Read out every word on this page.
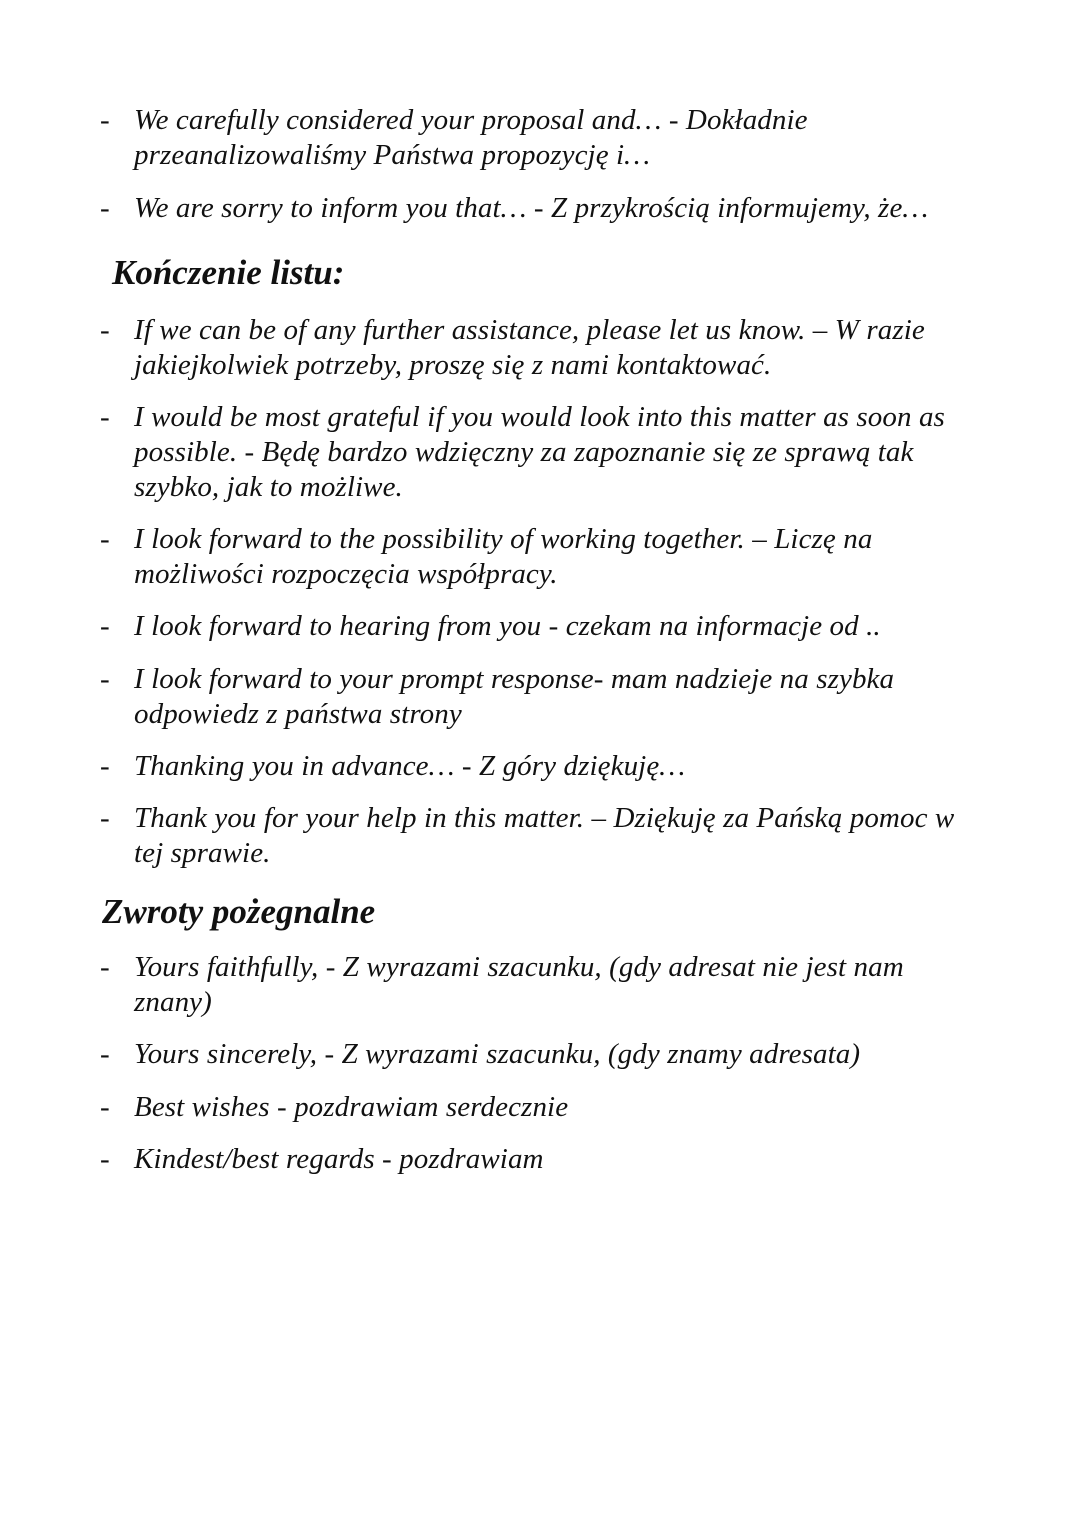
- We carefully considered your proposal and… - Dokładnie przeanalizowaliśmy Państwa propozycję i…
- We are sorry to inform you that… - Z przykrością informujemy, że…
Kończenie listu:
- If we can be of any further assistance, please let us know. – W razie jakiejkolwiek potrzeby, proszę się z nami kontaktować.
- I would be most grateful if you would look into this matter as soon as possible. - Będę bardzo wdzięczny za zapoznanie się ze sprawą tak szybko, jak to możliwe.
- I look forward to the possibility of working together. – Liczę na możliwości rozpoczęcia współpracy.
- I look forward to hearing from you - czekam na informacje od ..
- I look forward to your prompt response- mam nadzieje na szybka odpowiedz z państwa strony
- Thanking you in advance… - Z góry dziękuję…
- Thank you for your help in this matter. – Dziękuję za Pańską pomoc w tej sprawie.
Zwroty pożegnalne
- Yours faithfully, - Z wyrazami szacunku, (gdy adresat nie jest nam znany)
- Yours sincerely, - Z wyrazami szacunku, (gdy znamy adresata)
- Best wishes - pozdrawiam serdecznie
- Kindest/best regards - pozdrawiam
